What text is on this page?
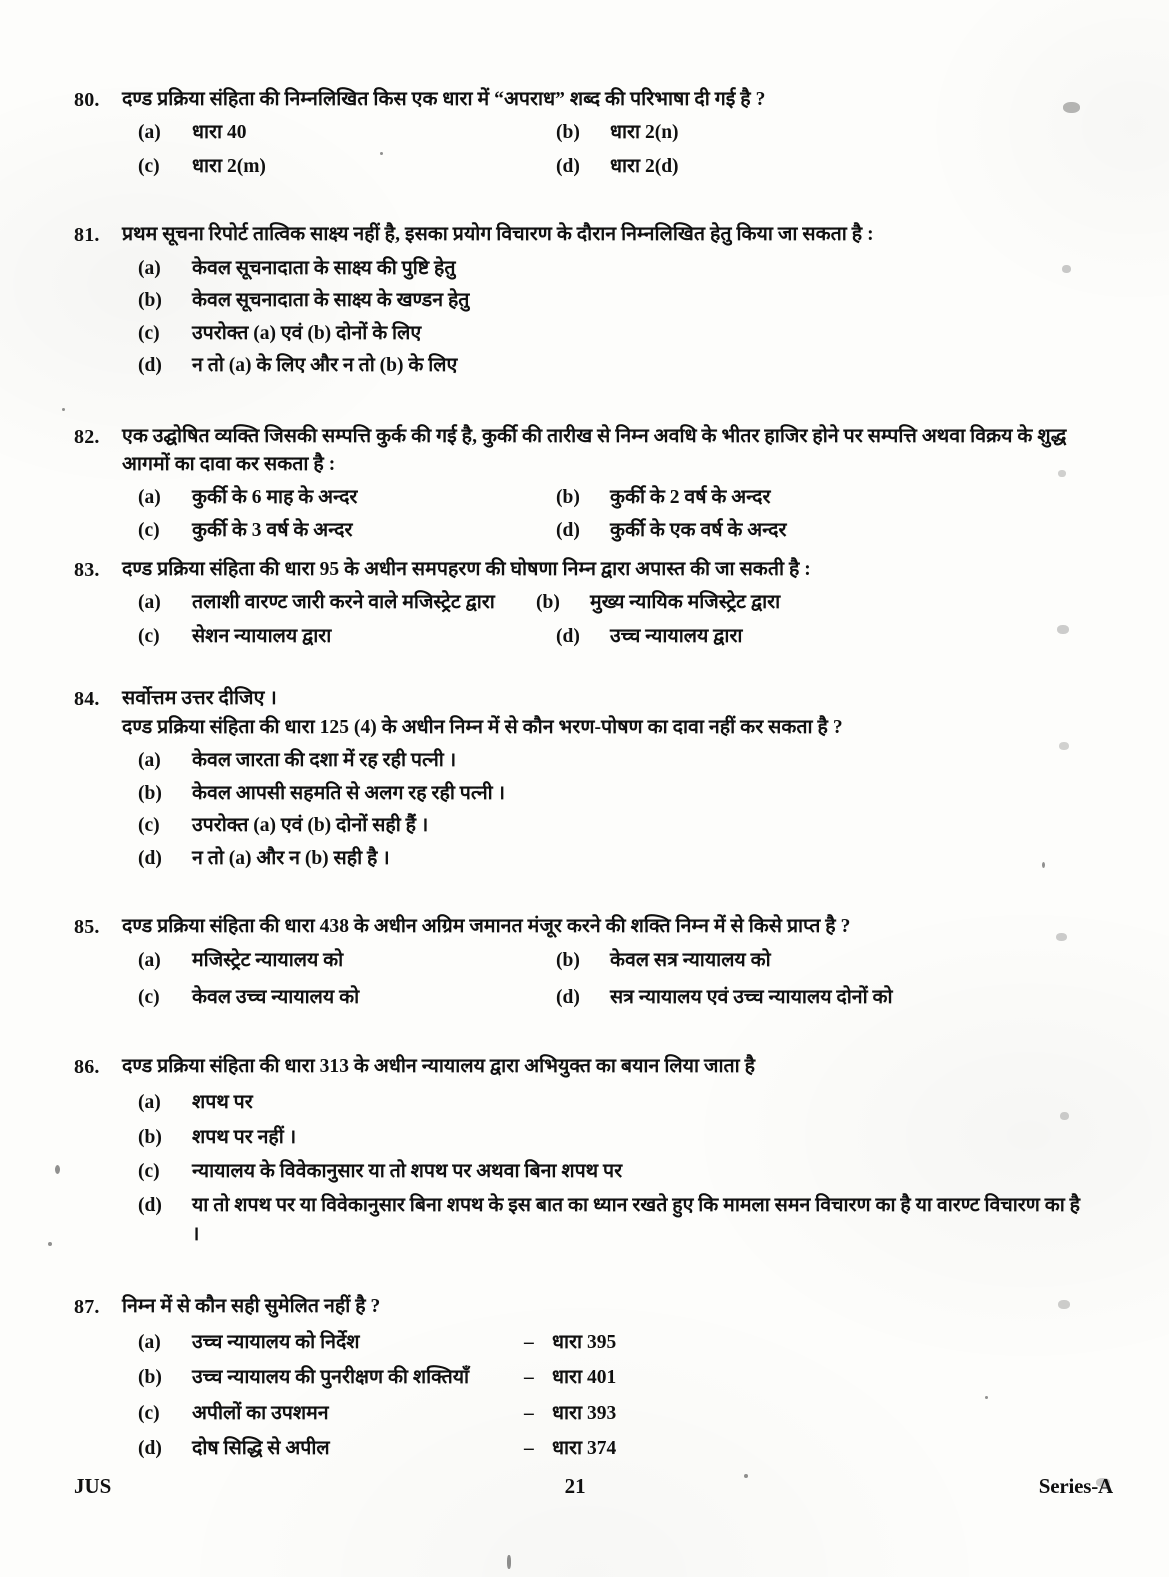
80.	दण्ड प्रक्रिया संहिता की निम्नलिखित किस एक धारा में “अपराध” शब्द की परिभाषा दी गई है ?
(a)	धारा 40	(b)	धारा 2(n)
(c)	धारा 2(m)	(d)	धारा 2(d)
81.	प्रथम सूचना रिपोर्ट तात्विक साक्ष्य नहीं है, इसका प्रयोग विचारण के दौरान निम्नलिखित हेतु किया जा सकता है :
(a)	केवल सूचनादाता के साक्ष्य की पुष्टि हेतु
(b)	केवल सूचनादाता के साक्ष्य के खण्डन हेतु
(c)	उपरोक्त (a) एवं (b) दोनों के लिए
(d)	न तो (a) के लिए और न तो (b) के लिए
82.	एक उद्घोषित व्यक्ति जिसकी सम्पत्ति कुर्क की गई है, कुर्की की तारीख से निम्न अवधि के भीतर हाजिर होने पर सम्पत्ति अथवा विक्रय के शुद्ध आगमों का दावा कर सकता है :
(a)	कुर्की के 6 माह के अन्दर	(b)	कुर्की के 2 वर्ष के अन्दर
(c)	कुर्की के 3 वर्ष के अन्दर	(d)	कुर्की के एक वर्ष के अन्दर
83.	दण्ड प्रक्रिया संहिता की धारा 95 के अधीन समपहरण की घोषणा निम्न द्वारा अपास्त की जा सकती है :
(a)	तलाशी वारण्ट जारी करने वाले मजिस्ट्रेट द्वारा	(b)	मुख्य न्यायिक मजिस्ट्रेट द्वारा
(c)	सेशन न्यायालय द्वारा	(d)	उच्च न्यायालय द्वारा
84.	सर्वोत्तम उत्तर दीजिए ।
दण्ड प्रक्रिया संहिता की धारा 125 (4) के अधीन निम्न में से कौन भरण-पोषण का दावा नहीं कर सकता है ?
(a)	केवल जारता की दशा में रह रही पत्नी ।
(b)	केवल आपसी सहमति से अलग रह रही पत्नी ।
(c)	उपरोक्त (a) एवं (b) दोनों सही हैं ।
(d)	न तो (a) और न (b) सही है ।
85.	दण्ड प्रक्रिया संहिता की धारा 438 के अधीन अग्रिम जमानत मंजूर करने की शक्ति निम्न में से किसे प्राप्त है ?
(a)	मजिस्ट्रेट न्यायालय को	(b)	केवल सत्र न्यायालय को
(c)	केवल उच्च न्यायालय को	(d)	सत्र न्यायालय एवं उच्च न्यायालय दोनों को
86.	दण्ड प्रक्रिया संहिता की धारा 313 के अधीन न्यायालय द्वारा अभियुक्त का बयान लिया जाता है
(a)	शपथ पर
(b)	शपथ पर नहीं ।
(c)	न्यायालय के विवेकानुसार या तो शपथ पर अथवा बिना शपथ पर
(d)	या तो शपथ पर या विवेकानुसार बिना शपथ के इस बात का ध्यान रखते हुए कि मामला समन विचारण का है या वारण्ट विचारण का है ।
87.	निम्न में से कौन सही सुमेलित नहीं है ?
(a)	उच्च न्यायालय को निर्देश	– धारा 395
(b)	उच्च न्यायालय की पुनरीक्षण की शक्तियाँ	– धारा 401
(c)	अपीलों का उपशमन	– धारा 393
(d)	दोष सिद्धि से अपील	– धारा 374
JUS	21	Series-A
